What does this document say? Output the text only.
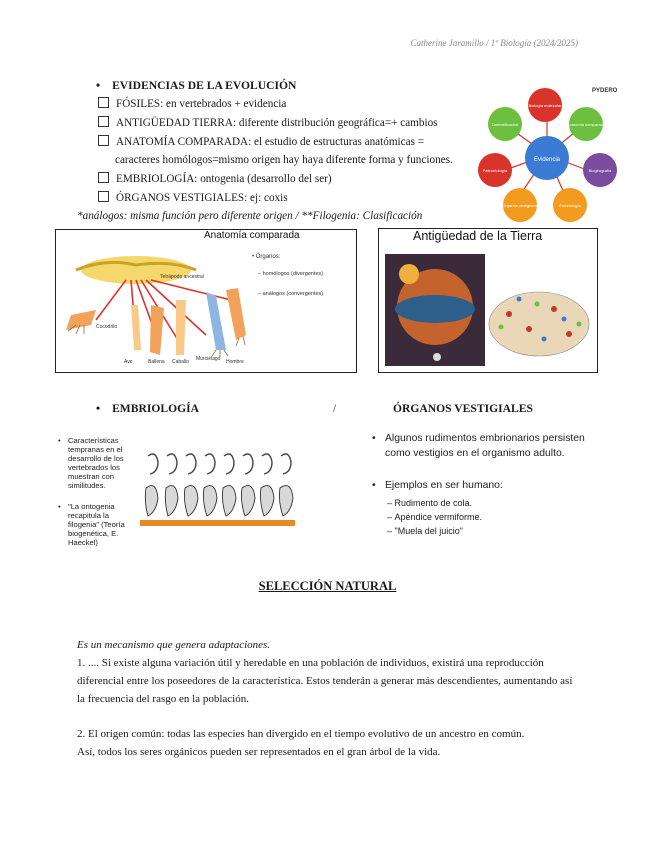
Catherine Jaramillo / 1º Biología (2024/2025)
• EVIDENCIAS DE LA EVOLUCIÓN
FÓSILES: en vertebrados + evidencia
ANTIGÜEDAD TIERRA: diferente distribución geográfica=+ cambios
ANATOMÍA COMPARADA: el estudio de estructuras anatómicas =
caracteres homólogos=mismo origen hay haya diferente forma y funciones.
EMBRIOLOGÍA: ontogenia (desarrollo del ser)
ÓRGANOS VESTIGIALES: ej: coxis
*análogos: misma función pero diferente origen / **Filogenia: Clasificación
Evidencia
Biología molecular
Anatomía comparada
Biogeografía
Embriología
Órganos vestigiales
Paleontología
Domesticación
PYDERO
Anatomía comparada
Tetrápodo ancestral
• Órganos:
– homólogos (divergentes)
– análogos (convergentes).
Cocodrilo
Ave	Ballena Caballo Murciélago Hombre
Antigüedad de la Tierra
• EMBRIOLOGÍA	/	ÓRGANOS VESTIGIALES
• Características
tempranas en el
desarrollo de los
vertebrados los
muestran con
similitudes.
• "La ontogenia
recapitula la
filogenia" (Teoría
biogenética, E.
Haeckel)
• Algunos rudimentos embrionarios persisten
como vestigios en el organismo adulto.
• Ejemplos en ser humano:
– Rudimento de cola.
– Apéndice vermiforme.
– "Muela del juicio"
SELECCIÓN NATURAL
Es un mecanismo que genera adaptaciones.
1. .... Si existe alguna variación útil y heredable en una población de individuos, existirá una reproducción
diferencial entre los poseedores de la característica. Estos tenderán a generar más descendientes, aumentando así
la frecuencia del rasgo en la población.
2. El origen común: todas las especies han divergido en el tiempo evolutivo de un ancestro en común.
Así, todos los seres orgánicos pueden ser representados en el gran árbol de la vida.
